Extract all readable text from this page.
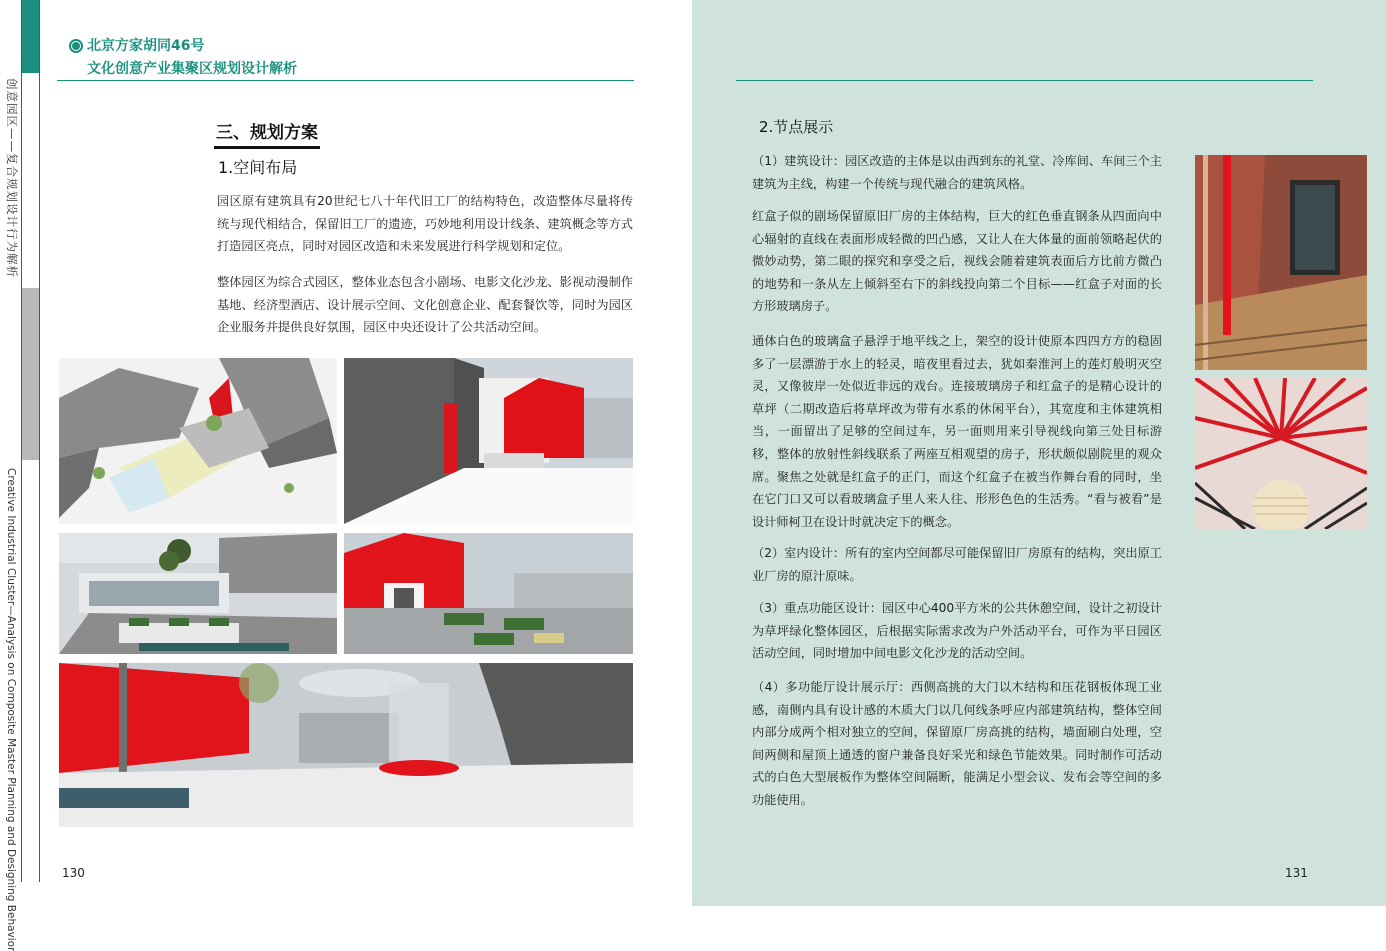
创意园区——复合规划设计行为解析
Creative Industrial Cluster—Analysis on Composite Master Planning and Designing Behavior
北京方家胡同46号
文化创意产业集聚区规划设计解析
三、规划方案
1.空间布局
园区原有建筑具有20世纪七八十年代旧工厂的结构特色，改造整体尽量将传统与现代相结合，保留旧工厂的遗迹，巧妙地利用设计线条、建筑概念等方式打造园区亮点，同时对园区改造和未来发展进行科学规划和定位。
整体园区为综合式园区，整体业态包含小剧场、电影文化沙龙、影视动漫制作基地、经济型酒店、设计展示空间、文化创意企业、配套餐饮等，同时为园区企业服务并提供良好氛围，园区中央还设计了公共活动空间。
130
2.节点展示
（1）建筑设计：园区改造的主体是以由西到东的礼堂、冷库间、车间三个主建筑为主线，构建一个传统与现代融合的建筑风格。
红盒子似的剧场保留原旧厂房的主体结构，巨大的红色垂直钢条从四面向中心辐射的直线在表面形成轻微的凹凸感，又让人在大体量的面前领略起伏的微妙动势，第二眼的探究和享受之后，视线会随着建筑表面后方比前方微凸的地势和一条从左上倾斜至右下的斜线投向第二个目标——红盒子对面的长方形玻璃房子。
通体白色的玻璃盒子悬浮于地平线之上，架空的设计使原本四四方方的稳固多了一层漂游于水上的轻灵，暗夜里看过去，犹如秦淮河上的莲灯般明灭空灵，又像彼岸一处似近非远的戏台。连接玻璃房子和红盒子的是精心设计的草坪（二期改造后将草坪改为带有水系的休闲平台），其宽度和主体建筑相当，一面留出了足够的空间过车，另一面则用来引导视线向第三处目标游移，整体的放射性斜线联系了两座互相观望的房子，形状颇似剧院里的观众席。聚焦之处就是红盒子的正门，而这个红盒子在被当作舞台看的同时，坐在它门口又可以看玻璃盒子里人来人往、形形色色的生活秀。“看与被看”是设计师柯卫在设计时就决定下的概念。
（2）室内设计：所有的室内空间都尽可能保留旧厂房原有的结构，突出原工业厂房的原汁原味。
（3）重点功能区设计：园区中心400平方米的公共休憩空间，设计之初设计为草坪绿化整体园区，后根据实际需求改为户外活动平台，可作为平日园区活动空间，同时增加中间电影文化沙龙的活动空间。
（4）多功能厅设计展示厅：西侧高挑的大门以木结构和压花钢板体现工业感，南侧内具有设计感的木质大门以几何线条呼应内部建筑结构，整体空间内部分成两个相对独立的空间，保留原厂房高挑的结构，墙面刷白处理，空间两侧和屋顶上通透的窗户兼备良好采光和绿色节能效果。同时制作可活动式的白色大型展板作为整体空间隔断，能满足小型会议、发布会等空间的多功能使用。
131
